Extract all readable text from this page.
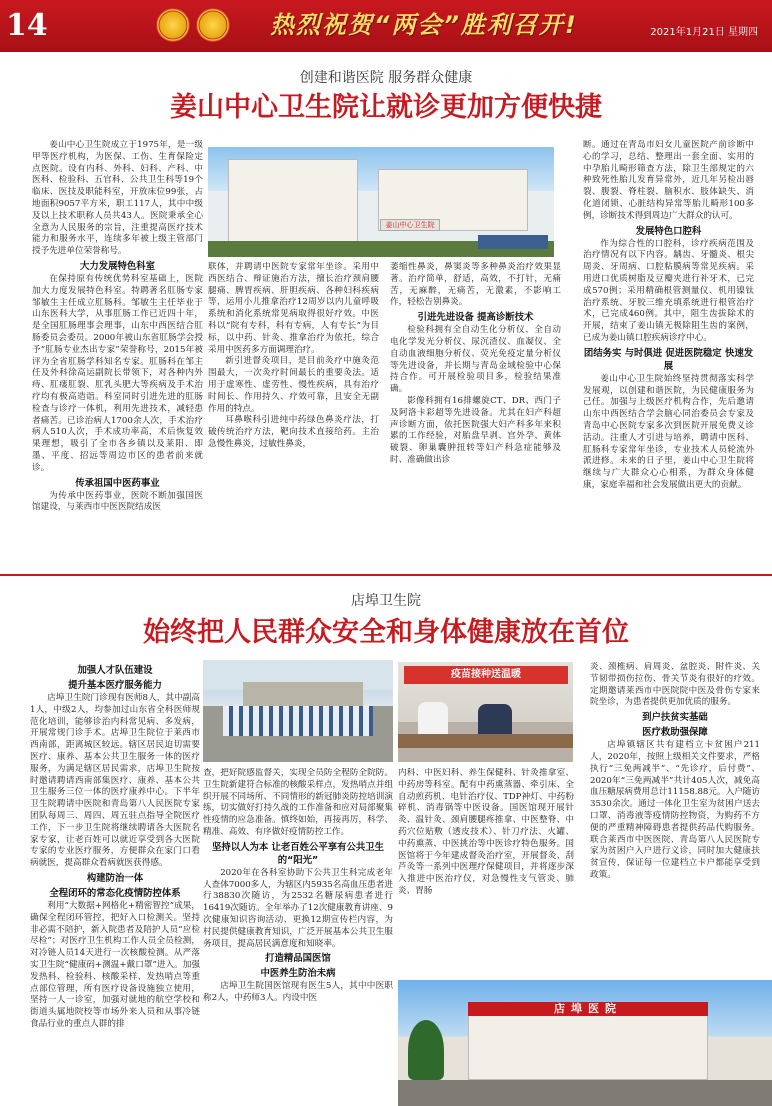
14	热烈祝贺“两会”胜利召开!	2021年1月21日 星期四
创建和谐医院 服务群众健康
姜山中心卫生院让就诊更加方便快捷

姜山中心卫生院成立于1975年，是一级甲等医疗机构，为医保、工伤、生育保险定点医院。设有内科、外科、妇科、产科、中医科、检验科、五官科、公共卫生科等19个临床、医技及职能科室，开放床位99张，占地面积9057平方米，职工117人，其中中级及以上技术职称人员共43人。医院秉承全心全意为人民服务的宗旨，注重提高医疗技术能力和服务水平，连续多年被上级主管部门授予先进单位荣誉称号。

大力发展特色科室

在保持原有传统优势科室基础上，医院加大力度发展特色科室。特聘著名肛肠专家邹敏生主任成立肛肠科。邹敏生主任毕业于山东医科大学，从事肛肠工作已近四十年，是全国肛肠理事会理事，山东中西医结合肛肠委员会委员。2000年被山东省肛肠学会授予“肛肠专业杰出专家”荣誉称号，2015年被评为全省肛肠学科知名专家。肛肠科在邹主任及外科徐高运副院长带领下，对各种内外痔、肛瘘肛裂、肛乳头肥大等疾病及手术治疗均有极高造诣。科室同时引进先进的肛肠检查与诊疗一体机，利用先进技术，减轻患者痛苦。已诊治病人1700余人次，手术治疗病人510人次，手术成功率高，术后恢复效果理想，吸引了全市各乡镇以及莱阳、即墨、平度、招远等周边市区的患者前来就诊。

传承祖国中医药事业

为传承中医药事业，医院不断加强国医馆建设，与莱西市中医医院结成医

姜山中心卫生院

联体，并聘请中医院专家常年坐诊。采用中西医结合、辩证施治方法，擅长治疗颈肩腰腿痛、脾胃疾病、肝胆疾病、各种妇科疾病等，运用小儿推拿治疗12周岁以内儿童呼吸系统和消化系统常见病取得很好疗效。中医科以“院有专科，科有专病，人有专长”为目标，以中药、针灸、推拿治疗为依托，综合采用中医药多方面调理治疗。

新引进督灸项目，是目前灸疗中施灸范围最大，一次灸疗时间最长的重要灸法。适用于虚寒性、虚劳性、慢性疾病，具有治疗时间长、作用持久、疗效可靠，且安全无副作用的特点。

耳鼻喉科引进纯中药绿色鼻炎疗法，打破传统治疗方法，靶向技术直接给药。主治急慢性鼻炎，过敏性鼻炎，

萎缩性鼻炎，鼻窦炎等多种鼻炎治疗效果显著。治疗简单，舒适，高效，不打针，无痛苦，无麻醉，无痛苦，无激素，不影响工作，轻松告别鼻炎。

引进先进设备 提高诊断技术

检验科拥有全自动生化分析仪、全自动电化学发光分析仪、尿沉渣仪、血凝仪、全自动血液细胞分析仪、荧光免疫定量分析仪等先进设备，并长期与青岛金域检验中心保持合作。可开展检验项目多，检验结果准确。

影像科拥有16排螺旋CT、DR、西门子及阿洛卡彩超等先进设备。尤其在妇产科超声诊断方面，依托医院强大妇产科多年来积累的工作经验，对胎盘早剥、宫外孕、黄体破裂、卵巢囊肿扭转等妇产科急症能够及时、准确做出诊

断。通过在青岛市妇女儿童医院产前诊断中心的学习，总结、整理出一套全面、实用的中孕胎儿畸形筛查方法，除卫生部规定的六种致死性胎儿发育异常外，近几年另检出唇裂、腹裂、脊柱裂、脑积水、肢体缺失、消化道闭锁、心脏结构异常等胎儿畸形100多例，诊断技术得到周边广大群众的认可。

发展特色口腔科

作为综合性的口腔科，诊疗疾病范围及治疗情况有以下内容。龋齿、牙髓炎、根尖周炎、牙周病、口腔粘膜病等常见疾病。采用进口优质树脂及豆瓣夹进行补牙术，已完成570例；采用精确根管测量仪、机用镍钛治疗系统、牙胶三维充填系统进行根管治疗术，已完成460例。其中，阻生齿拔除术的开展，结束了姜山镇无极除阻生齿的案例，已成为姜山镇口腔疾病诊疗中心。

团结务实 与时俱进 促进医院稳定 快速发展

姜山中心卫生院始终坚持贯彻落实科学发展观，以创建和谐医院，为民健康服务为己任。加强与上级医疗机构合作，先后邀请山东中西医结合学会脑心同治委员会专家及青岛中心医院专家多次到医院开展免费义诊活动。注重人才引进与培养，聘请中医科、肛肠科专家常年坐诊，专业技术人员轮流外派进修。未来的日子里，姜山中心卫生院将继续与广大群众心心相系，为群众身体健康，家庭幸福和社会发展做出更大的贡献。

店埠卫生院
始终把人民群众安全和身体健康放在首位
加强人才队伍建设
提升基本医疗服务能力

店埠卫生院门诊现有医师8人，其中副高1人，中级2人，均参加过山东省全科医师规范化培训，能够诊治内科常见病、多发病，开展常规门诊手术。店埠卫生院位于莱西市西南部，距离城区较远。辖区居民迫切需要医疗、康养、基本公共卫生服务一体的医疗服务，为满足辖区居民需求，店埠卫生院按时邀请聘请西南部集医疗、康养、基本公共卫生服务三位一体的医疗康养中心。下半年卫生院聘请中医院和青岛第八人民医院专家团队每周三、周四、周五驻点指导全院医疗工作，下一步卫生院将继续聘请各大医院名家专家，让老百姓可以就近享受到各大医院专家的专业医疗服务，方便群众在家门口看病就医，提高群众看病就医获得感。

构建防治一体
全程闭环的常态化疫情防控体系

利用“大数据+网格化+精密智控”成果，确保全程闭环管控，把好入口检测关。坚持非必需不陪护，新入院患者及陪护人员“应检尽检”；对医疗卫生机构工作人员全员检测，对冷链人员14天进行一次核酸检测。从严落实卫生院“健康码+测温+戴口罩”进入。加强发热科、检验科、核酸采样、发热哨点等重点部位管理，所有医疗设备设施独立使用，坚持一人一诊室，加强对就地的航空学校和街道头属地院校等市场外来人员和从事冷链食品行业的重点人群的排

疫苗接种送温暖

查，把好院感监督关，实现全员防全程防全院防。卫生院新建符合标准的核酸采样点，发热哨点并组织开展不同场所、不同情形的新冠肺炎防控培训演练，切实做好打持久战的工作准备和应对局部聚集性疫情的应急准备。慎终如始，再接再厉，科学、精准、高效、有序做好疫情防控工作。

坚持以人为本 让老百姓公平享有公共卫生的“阳光”

2020年在各科室协助下公共卫生科完成老年人查体7000多人，为辖区内5935名高血压患者进行38830次随访，为2532名糖尿病患者进行16419次随访。全年举办了12次健康教育讲座、9次健康知识咨询活动、更换12期宣传栏内容，为村民提供健康教育知识，广泛开展基本公共卫生服务项目，提高居民满意度和知晓率。

打造精品国医馆
中医养生防治未病

店埠卫生院国医馆现有医生5人，其中中医职称2人，中药师3人。内设中医

内科、中医妇科、养生保健科、针灸推拿室、中药房等科室。配有中药熏蒸器、牵引床、全自动煎药机、电针治疗仪、TDP神灯、中药粉碎机、消毒锅等中医设备。国医馆现开展针灸、温针灸、颈肩腰腿疼推拿、中医整脊、中药穴位贴敷（透皮技术）、针刀疗法、火罐、中药熏蒸、中医挑治等中医诊疗特色服务。国医馆将于今年建成督灸治疗室，开展督灸、刮芦灸等一系列中医理疗保健项目，并将逐步深入推进中医治疗仪，对急慢性支气管炎、肺炎、胃肠

炎、颈椎病、肩周炎、盆腔炎、附件炎、关节韧带损伤拉伤、骨关节炎有很好的疗效。定期邀请莱西市中医院院中医及骨伤专家来院坐诊，为患者提供更加优质的服务。

到户扶贫实基础
医疗救助强保障

店埠镇辖区共有建档立卡贫困户211人，2020年，按照上级相关文件要求，严格执行“三免两减半”、“先诊疗，后付费”、2020年“三免两减半”共计405人次，减免高血压糖尿病费用总计11158.88元。入户随访3530余次。通过一体化卫生室为贫困户送去口罩、消毒液等疫情防控物资，为购药不方便的严重精神障碍患者提供药品代购服务。联合莱西市中医医院、青岛第八人民医院专家为贫困户入户进行义诊，同时加大健康扶贫宣传，保证每一位建档立卡户都能享受到政策。

店埠医院
